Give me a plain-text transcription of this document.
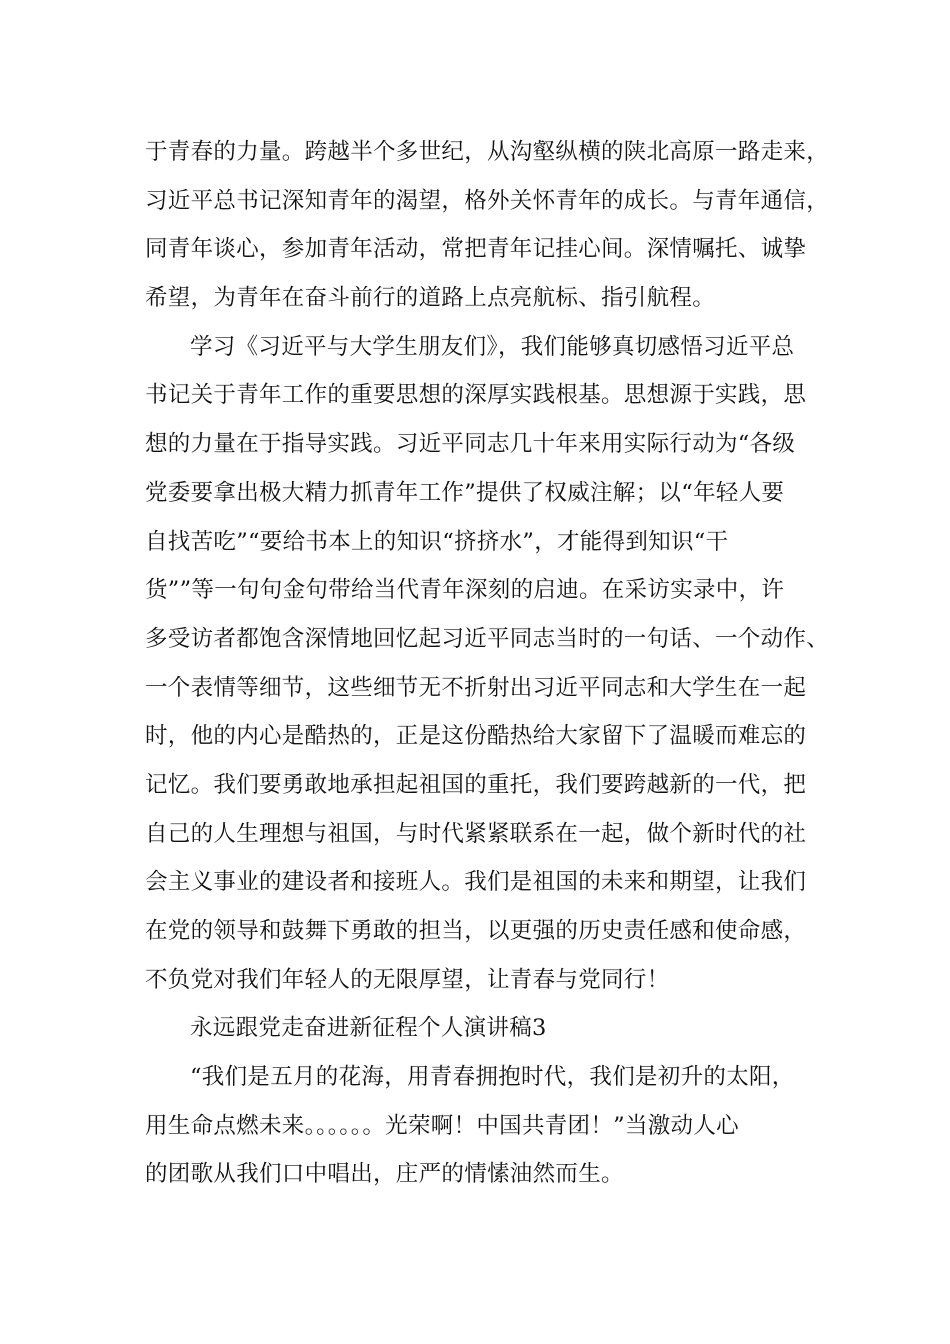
于青春的力量。跨越半个多世纪，从沟壑纵横的陕北高原一路走来，
习近平总书记深知青年的渴望，格外关怀青年的成长。与青年通信，
同青年谈心，参加青年活动，常把青年记挂心间。深情嘱托、诚挚
希望，为青年在奋斗前行的道路上点亮航标、指引航程。
学习《习近平与大学生朋友们》，我们能够真切感悟习近平总
书记关于青年工作的重要思想的深厚实践根基。思想源于实践，思
想的力量在于指导实践。习近平同志几十年来用实际行动为“各级
党委要拿出极大精力抓青年工作”提供了权威注解；以“年轻人要
自找苦吃”“要给书本上的知识“挤挤水”，才能得到知识“干
货””等一句句金句带给当代青年深刻的启迪。在采访实录中，许
多受访者都饱含深情地回忆起习近平同志当时的一句话、一个动作、
一个表情等细节，这些细节无不折射出习近平同志和大学生在一起
时，他的内心是酷热的，正是这份酷热给大家留下了温暖而难忘的
记忆。我们要勇敢地承担起祖国的重托，我们要跨越新的一代，把
自己的人生理想与祖国，与时代紧紧联系在一起，做个新时代的社
会主义事业的建设者和接班人。我们是祖国的未来和期望，让我们
在党的领导和鼓舞下勇敢的担当，以更强的历史责任感和使命感，
不负党对我们年轻人的无限厚望，让青春与党同行！
永远跟党走奋进新征程个人演讲稿3
“我们是五月的花海，用青春拥抱时代，我们是初升的太阳，
用生命点燃未来。。。。。。光荣啊！中国共青团！”当激动人心
的团歌从我们口中唱出，庄严的情愫油然而生。
